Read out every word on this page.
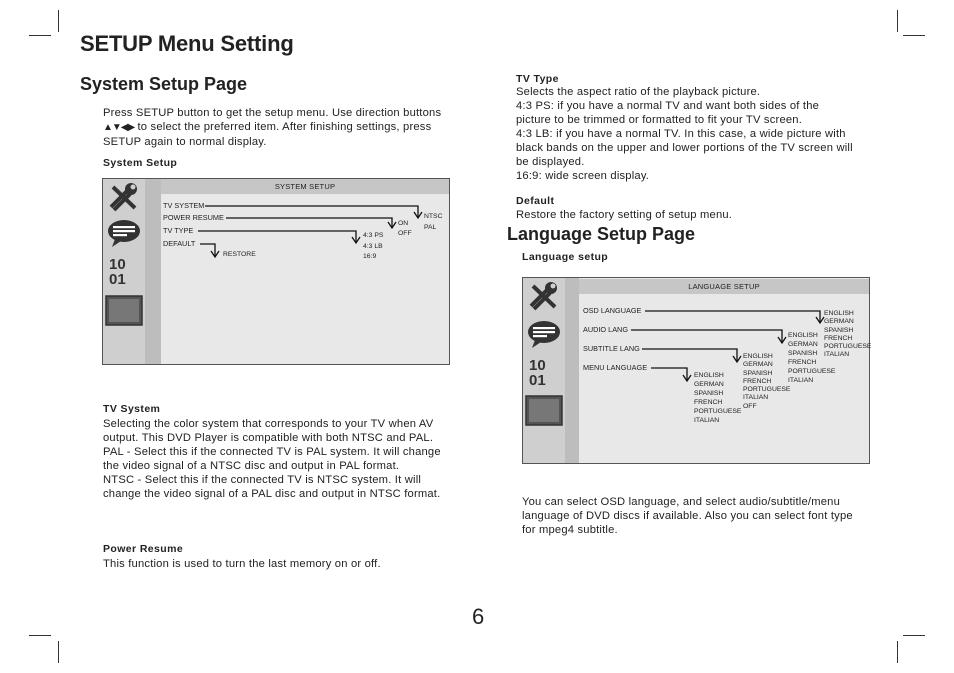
SETUP Menu Setting
System Setup Page

Press SETUP button to get the setup menu. Use direction buttons

▲▼◀▶ to select the preferred item. After finishing settings, press

SETUP again to normal display.

System Setup
10
01
SYSTEM SETUP
TV SYSTEM
POWER RESUME
TV TYPE
DEFAULT
NTSC
PAL
ON
OFF
4:3 PS
4:3 LB
16:9
RESTORE
TV System

Selecting the color system that corresponds to your TV when AV

output. This DVD Player is compatible with both NTSC and PAL.

PAL - Select this if the connected TV is PAL system. It will change

the video signal of a NTSC disc and output in PAL format.

NTSC - Select this if the connected TV is NTSC system. It will

change the video signal of a PAL disc and output in NTSC format.

Power Resume
This function is used to turn the last memory on or off.
TV Type

Selects the aspect ratio of the playback picture.

4:3 PS: if you have a normal TV and want both sides of the

picture to be trimmed or formatted to fit your TV screen.

4:3 LB: if you have a normal TV. In this case, a wide picture with

black bands on the upper and lower portions of the TV screen will

be displayed.

16:9: wide screen display.

Default
Restore the factory setting of setup menu.
Language Setup Page
Language setup
10
01
LANGUAGE SETUP
OSD LANGUAGE
AUDIO LANG
SUBTITLE LANG
MENU LANGUAGE
ENGLISH
GERMAN
SPANISH
FRENCH
PORTUGUESE
ITALIAN
ENGLISH
GERMAN
SPANISH
FRENCH
PORTUGUESE
ITALIAN
ENGLISH
GERMAN
SPANISH
FRENCH
PORTUGUESE
ITALIAN
OFF
ENGLISH
GERMAN
SPANISH
FRENCH
PORTUGUESE
ITALIAN

You can select OSD language, and select audio/subtitle/menu

language of DVD discs if available. Also you can select font type

for mpeg4 subtitle.

6
